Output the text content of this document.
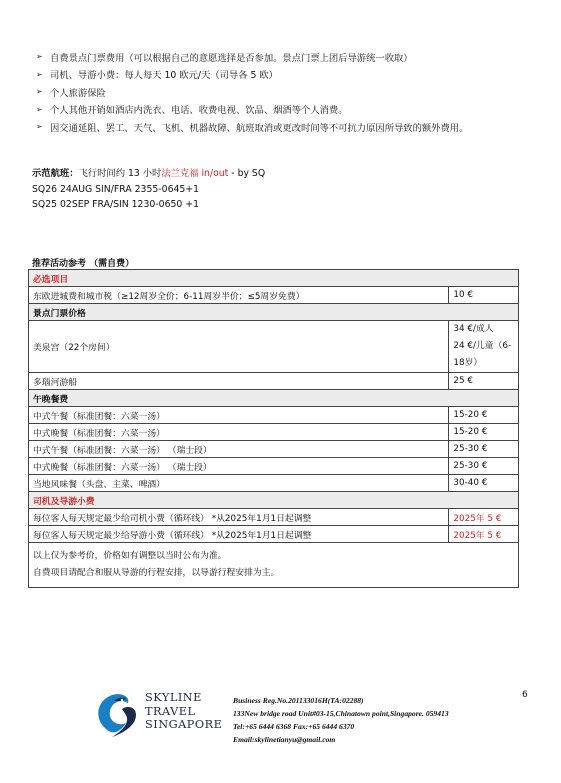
➢ 自费景点门票费用（可以根据自己的意愿选择是否参加。景点门票上团后导游统一收取）
➢ 司机、导游小费：每人每天 10 欧元/天（司导各 5 欧）
➢ 个人旅游保险
➢ 个人其他开销如酒店内洗衣、电话、收费电视、饮品、烟酒等个人消费。
➢ 因交通延阻、罢工、天气、飞机、机器故障、航班取消或更改时间等不可抗力原因所导致的额外费用。
示范航班：飞行时间约 13 小时法兰克福 in/out - by SQ
SQ26 24AUG SIN/FRA 2355-0645+1
SQ25 02SEP FRA/SIN 1230-0650 +1
推荐活动参考 （需自费）
必选项目	
东欧进城费和城市税（≥12周岁全价；6-11周岁半价；≤5周岁免费）	10 €
景点门票价格	
美泉宫（22个房间）	34 €/成人
24 €/儿童（6-
18岁）

多瑙河游船	25 €
午晚餐费	
中式午餐（标准团餐：六菜一汤）	15-20 €
中式晚餐（标准团餐：六菜一汤）	15-20 €
中式午餐（标准团餐：六菜一汤） （瑞士段）	25-30 €
中式晚餐（标准团餐：六菜一汤） （瑞士段）	25-30 €
当地风味餐（头盘、主菜、啤酒）	30-40 €
司机及导游小费	
每位客人每天规定最少给司机小费（循环线） *从2025年1月1日起调整	2025年 5 €
每位客人每天规定最少给导游小费（循环线） *从2025年1月1日起调整	2025年 5 €

以上仅为参考价，价格如有调整以当时公布为准。
自费项目请配合和服从导游的行程安排，以导游行程安排为主。	
SKYLINE
TRAVEL
SINGAPORE
Business Reg.No.201133016H(TA:02288)
133New bridge road Unit#03-15,Chinatown point,Singapore. 059413
Tel:+65 6444 6368 Fax:+65 6444 6370
Email:skylinetianyu@gmail.com
6
